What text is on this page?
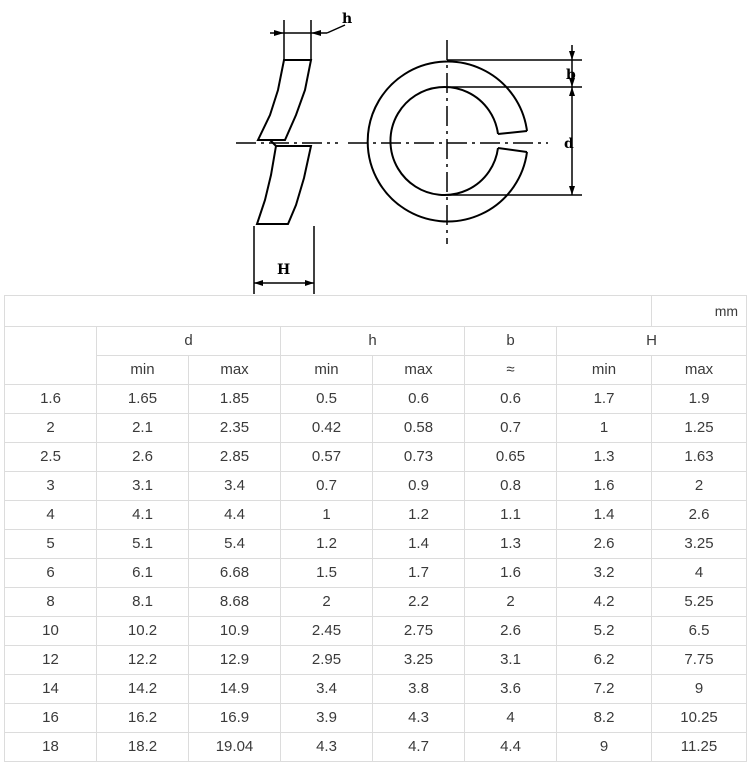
h
b
d
H
							mm
	d		h		b	H	
	min	max	min	max	≈	min	max
1.6	1.65	1.85	0.5	0.6	0.6	1.7	1.9
2	2.1	2.35	0.42	0.58	0.7	1	1.25
2.5	2.6	2.85	0.57	0.73	0.65	1.3	1.63
3	3.1	3.4	0.7	0.9	0.8	1.6	2
4	4.1	4.4	1	1.2	1.1	1.4	2.6
5	5.1	5.4	1.2	1.4	1.3	2.6	3.25
6	6.1	6.68	1.5	1.7	1.6	3.2	4
8	8.1	8.68	2	2.2	2	4.2	5.25
10	10.2	10.9	2.45	2.75	2.6	5.2	6.5
12	12.2	12.9	2.95	3.25	3.1	6.2	7.75
14	14.2	14.9	3.4	3.8	3.6	7.2	9
16	16.2	16.9	3.9	4.3	4	8.2	10.25
18	18.2	19.04	4.3	4.7	4.4	9	11.25
